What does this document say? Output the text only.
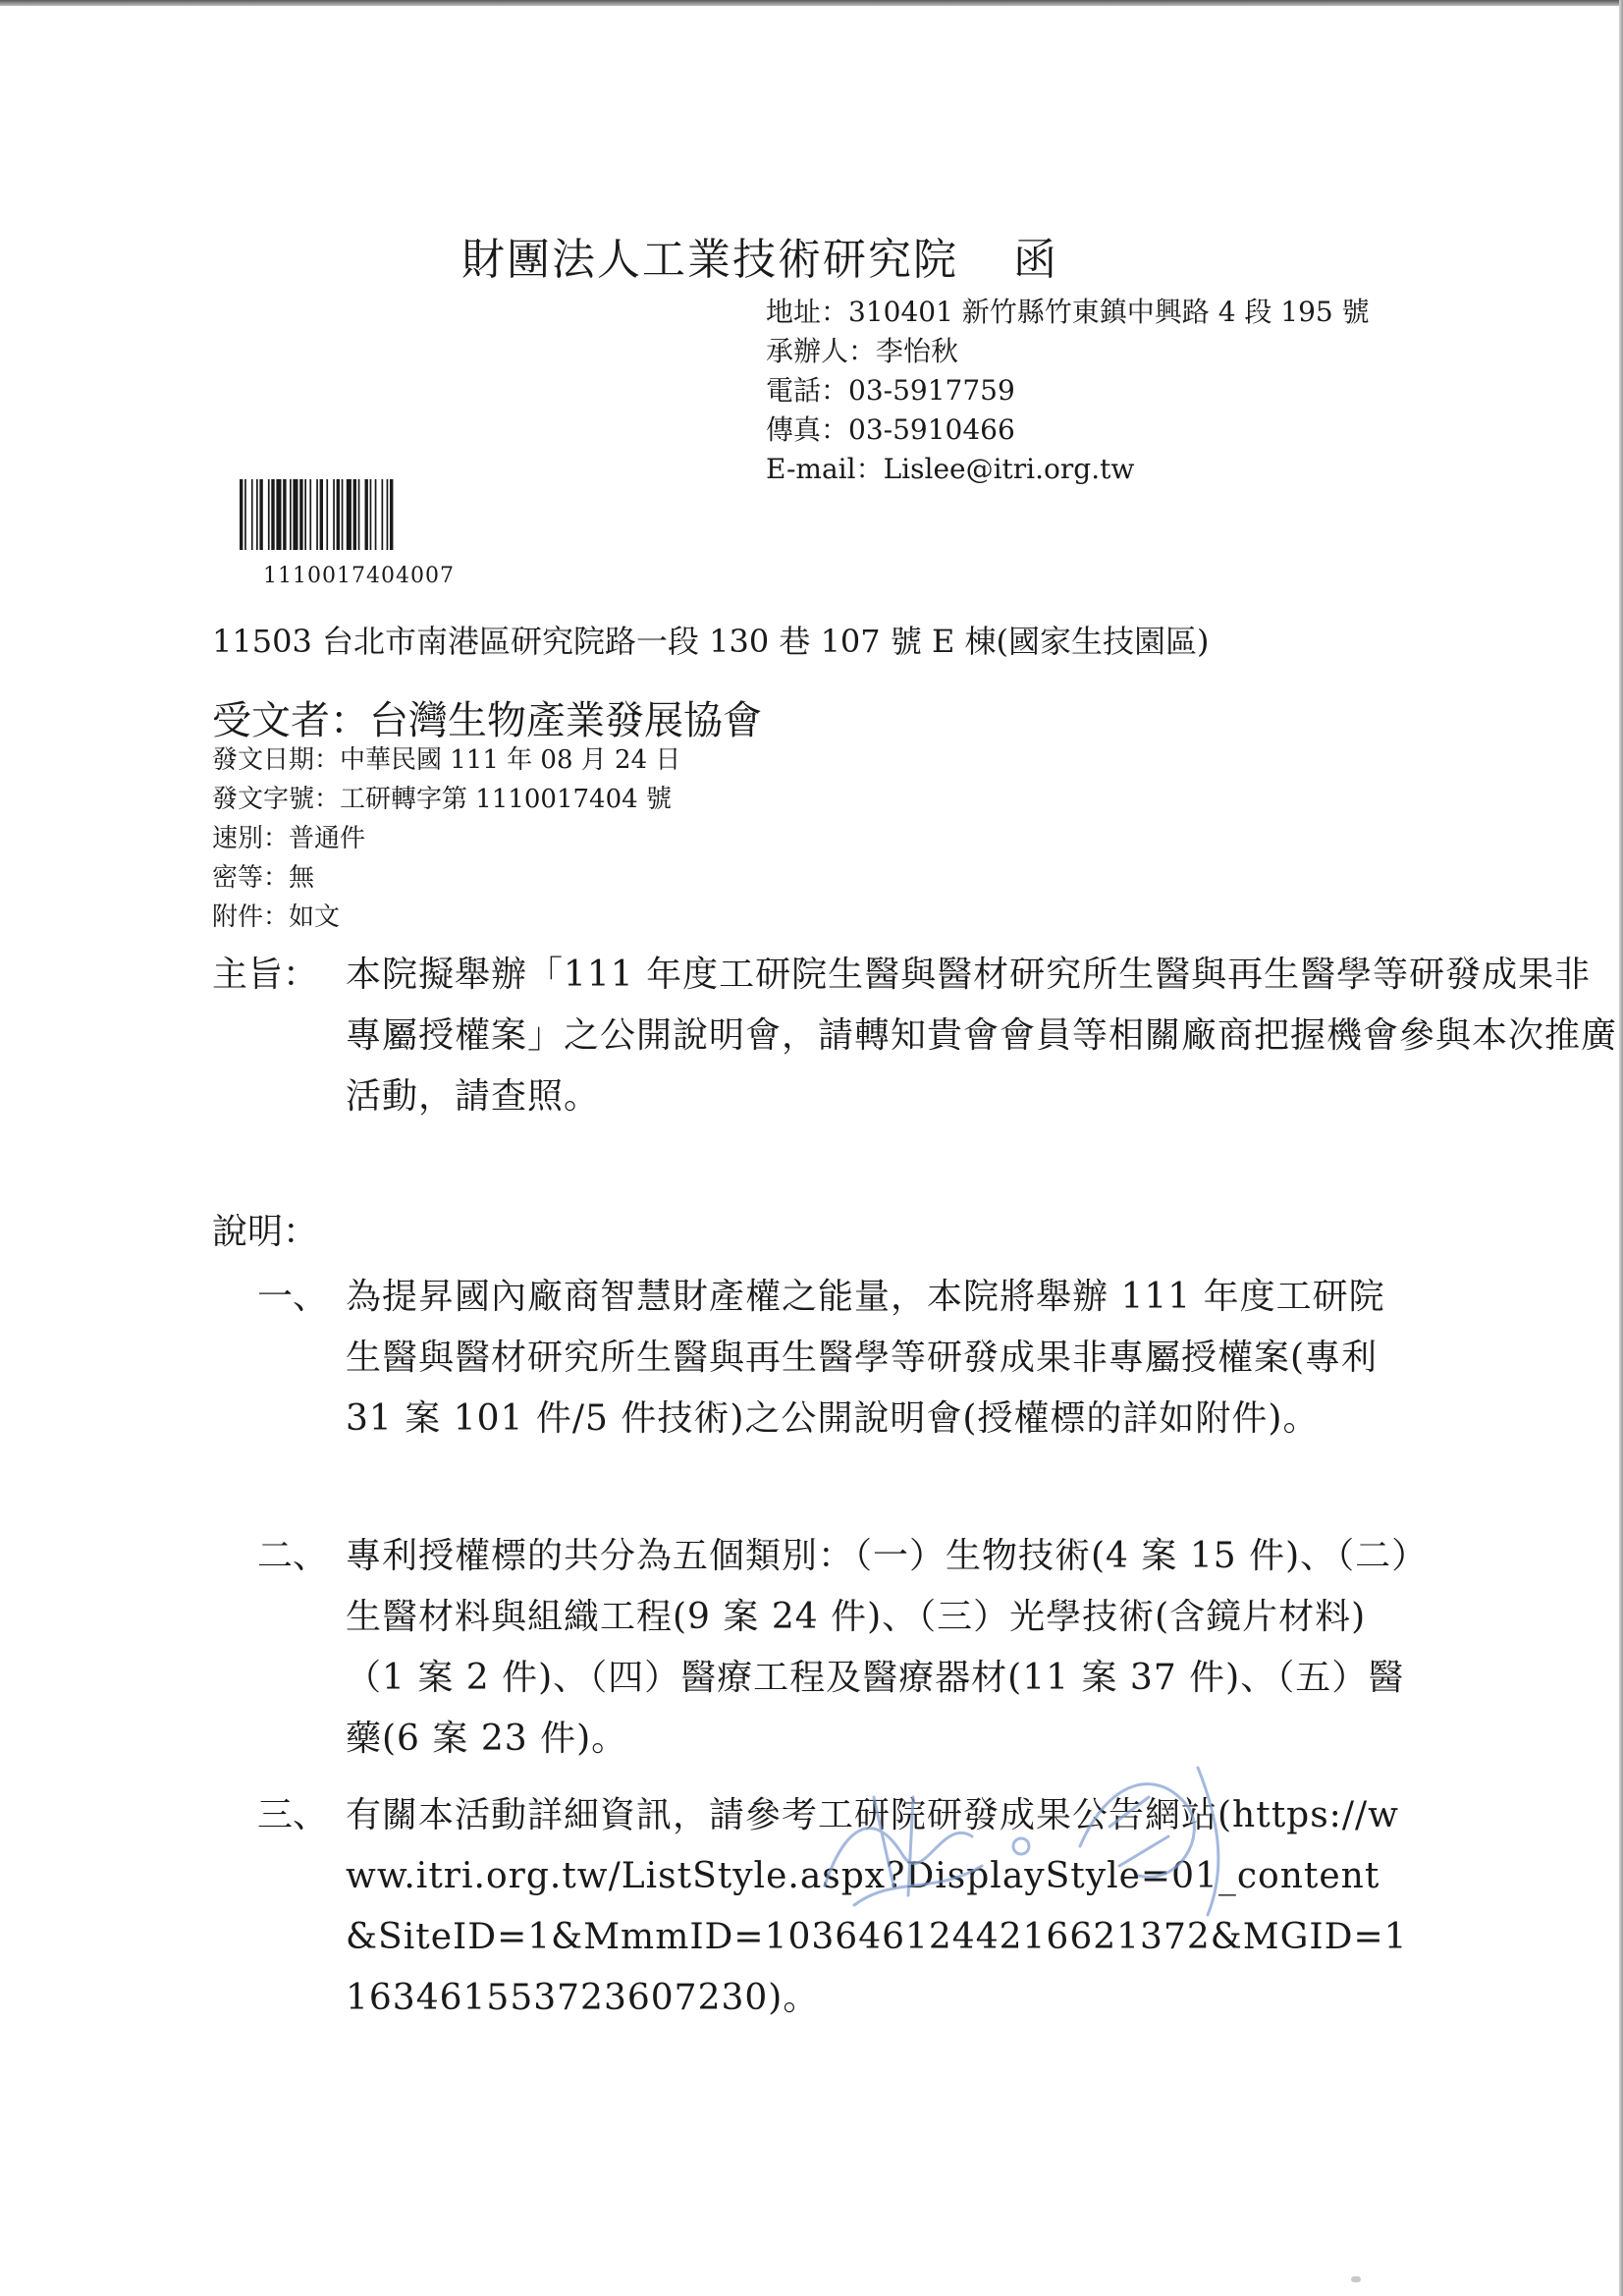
財團法人工業技術研究院 函
地址：310401 新竹縣竹東鎮中興路 4 段 195 號
承辦人：李怡秋
電話：03-5917759
傳真：03-5910466
E-mail：Lislee@itri.org.tw
1110017404007
11503 台北市南港區研究院路一段 130 巷 107 號 E 棟(國家生技園區)
受文者：台灣生物產業發展協會
發文日期：中華民國 111 年 08 月 24 日
發文字號：工研轉字第 1110017404 號
速別：普通件
密等：無
附件：如文
主旨： 本院擬舉辦「111 年度工研院生醫與醫材研究所生醫與再生醫學等研發成果非專屬授權案」之公開說明會，請轉知貴會會員等相關廠商把握機會參與本次推廣活動，請查照。
說明：
一、 為提昇國內廠商智慧財產權之能量，本院將舉辦 111 年度工研院生醫與醫材研究所生醫與再生醫學等研發成果非專屬授權案(專利 31 案 101 件/5 件技術)之公開說明會(授權標的詳如附件)。
二、 專利授權標的共分為五個類別：（一）生物技術(4 案 15 件)、（二）生醫材料與組織工程(9 案 24 件)、（三）光學技術(含鏡片材料)（1 案 2 件)、（四）醫療工程及醫療器材(11 案 37 件)、（五）醫藥(6 案 23 件)。
三、 有關本活動詳細資訊，請參考工研院研發成果公告網站(https://www.itri.org.tw/ListStyle.aspx?DisplayStyle=01_content&SiteID=1&MmmID=1036461244216621372&MGID=1163461553723607230)。
